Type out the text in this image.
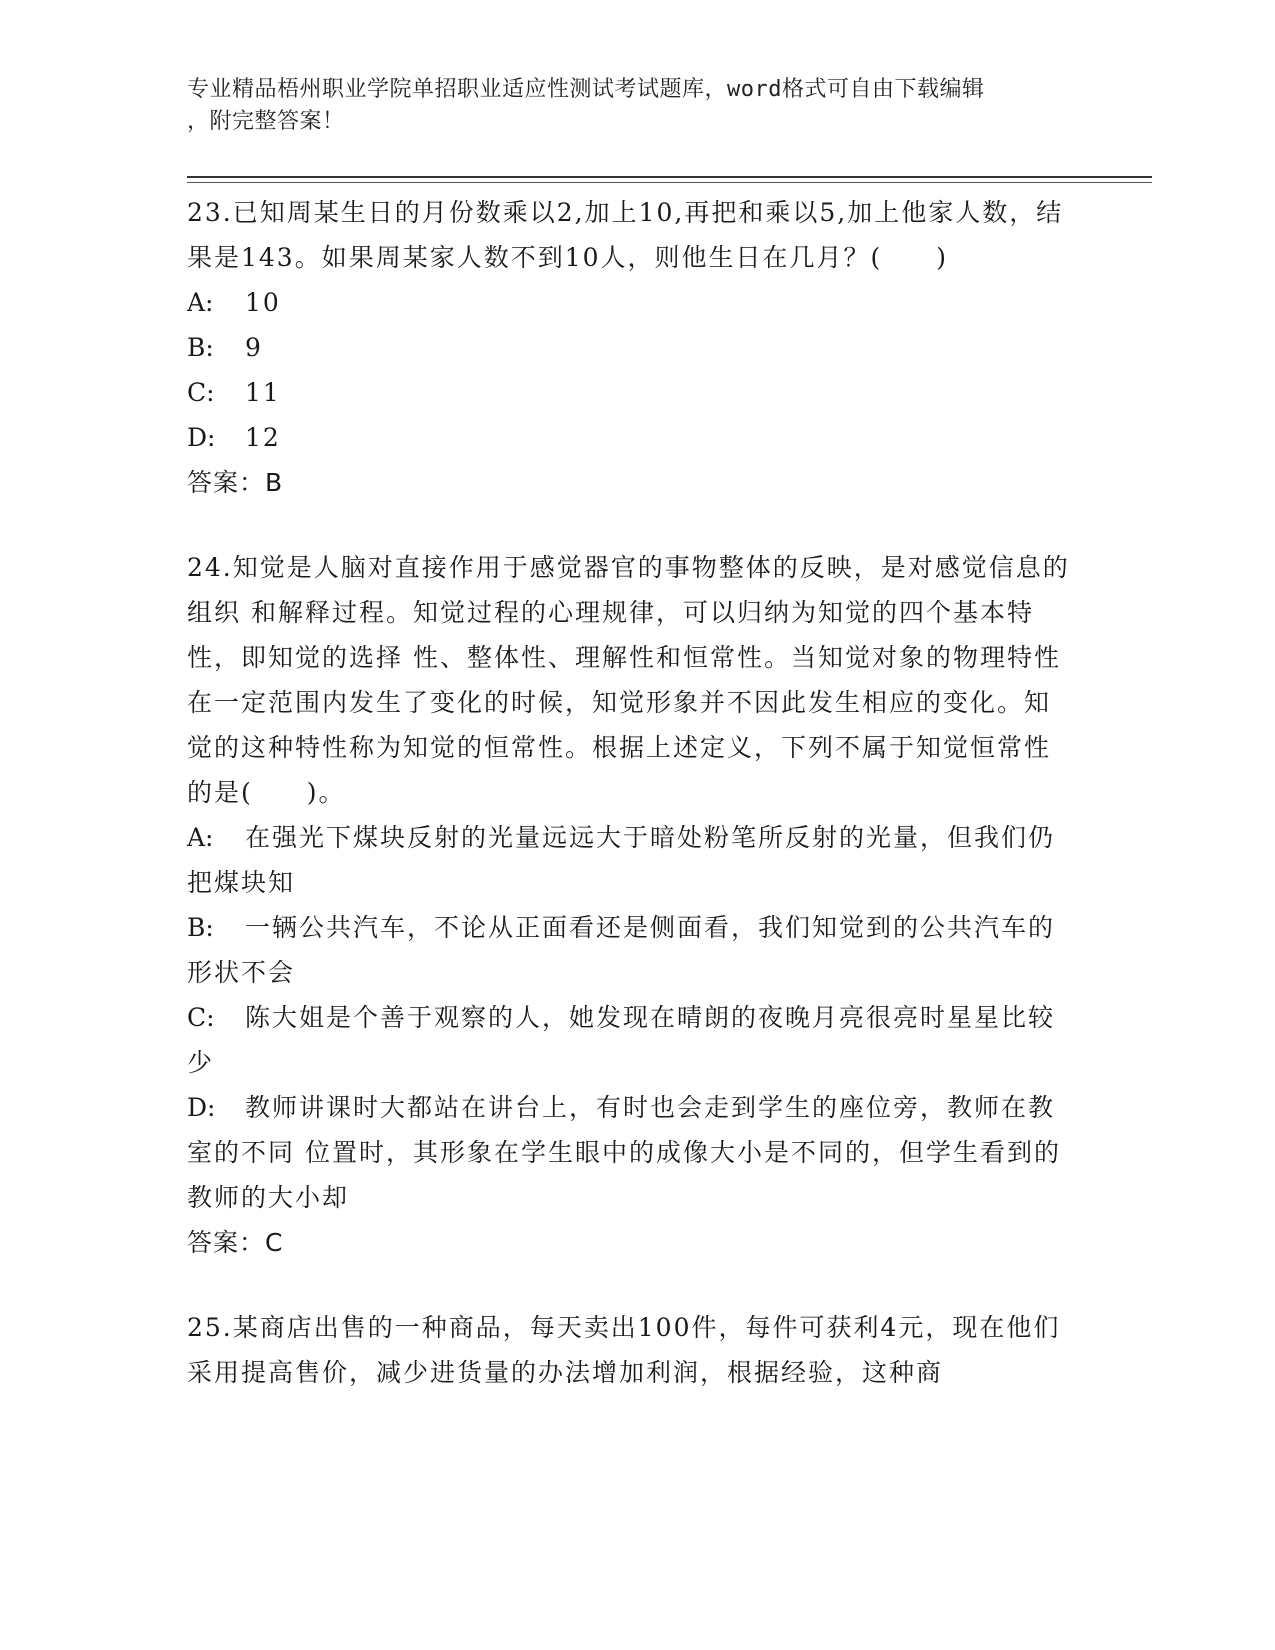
专业精品梧州职业学院单招职业适应性测试考试题库，word格式可自由下载编辑
，附完整答案！

23.已知周某生日的月份数乘以2,加上10,再把和乘以5,加上他家人数，结果是143。如果周某家人数不到10人，则他生日在几月？(　　)

A: 10

B: 9

C: 11

D: 12

答案：B

24.知觉是人脑对直接作用于感觉器官的事物整体的反映，是对感觉信息的组织 和解释过程。知觉过程的心理规律，可以归纳为知觉的四个基本特性，即知觉的选择 性、整体性、理解性和恒常性。当知觉对象的物理特性在一定范围内发生了变化的时候，知觉形象并不因此发生相应的变化。知觉的这种特性称为知觉的恒常性。根据上述定义，下列不属于知觉恒常性的是(　　)。

A: 在强光下煤块反射的光量远远大于暗处粉笔所反射的光量，但我们仍把煤块知

B: 一辆公共汽车，不论从正面看还是侧面看，我们知觉到的公共汽车的形状不会

C: 陈大姐是个善于观察的人，她发现在晴朗的夜晚月亮很亮时星星比较少

D: 教师讲课时大都站在讲台上，有时也会走到学生的座位旁，教师在教室的不同 位置时，其形象在学生眼中的成像大小是不同的，但学生看到的教师的大小却

答案：C

25.某商店出售的一种商品，每天卖出100件，每件可获利4元，现在他们采用提高售价，减少进货量的办法增加利润，根据经验，这种商
